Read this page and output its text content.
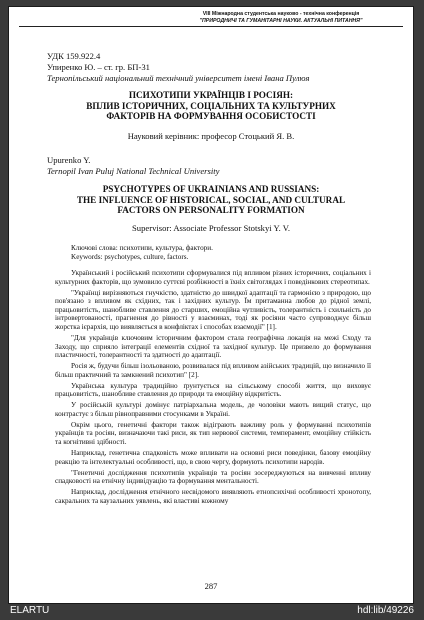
VIII Міжнародна студентська науково - технічна конференція
"ПРИРОДНИЧІ ТА ГУМАНІТАРНІ НАУКИ. АКТУАЛЬНІ ПИТАННЯ"
УДК 159.922.4
Упиренко Ю. – ст. гр. БП-31
Тернопільський національний технічний університет імені Івана Пулюя
ПСИХОТИПИ УКРАЇНЦІВ І РОСІЯН:
ВПЛИВ ІСТОРИЧНИХ, СОЦІАЛЬНИХ ТА КУЛЬТУРНИХ
ФАКТОРІВ НА ФОРМУВАННЯ ОСОБИСТОСТІ
Науковий керівник: професор Стоцький Я. В.
Upurenko Y.
Ternopil Ivan Puluj National Technical University
PSYCHOTYPES OF UKRAINIANS AND RUSSIANS:
THE INFLUENCE OF HISTORICAL, SOCIAL, AND CULTURAL
FACTORS ON PERSONALITY FORMATION
Supervisor: Associate Professor Stotskyi Y. V.
Ключові слова: психотипи, культура, фактори.
Keywords: psychotypes, culture, factors.

Український і російський психотипи сформувалися під впливом різних історичних, соціальних і культурних факторів, що зумовило суттєві розбіжності в їхніх світоглядах і поведінкових стереотипах.

"Українці вирізняються гнучкістю, здатністю до швидкої адаптації та гармонією з природою, що пов'язано з впливом як східних, так і західних культур. Їм притаманна любов до рідної землі, працьовитість, шанобливе ставлення до старших, емоційна чутливість, толерантність і схильність до інтровертованості, прагнення до рівності у взаєминах, тоді як росіяни часто супроводжує більш жорстка ієрархія, що виявляється в конфліктах і способах взаємодії" [1].

"Для українців ключовим історичним фактором стала географічна локація на межі Сходу та Заходу, що сприяло інтеграції елементів східної та західної культур. Це призвело до формування пластичності, толерантності та здатності до адаптації.

Росія ж, будучи більш ізольованою, розвивалася під впливом азійських традицій, що визначило її більш практичний та замкнений психотип" [2].

Українська культура традиційно ґрунтується на сільському способі життя, що виховує працьовитість, шанобливе ставлення до природи та емоційну відкритість.

У російській культурі домінує патріархальна модель, де чоловіки мають вищий статус, що контрастує з більш рівноправними стосунками в Україні.

Окрім цього, генетичні фактори також відіграють важливу роль у формуванні психотипів українців та росіян, визначаючи такі риси, як тип нервової системи, темперамент, емоційну стійкість та когнітивні здібності.

Наприклад, генетична спадковість може впливати на основні риси поведінки, базову емоційну реакцію та інтелектуальні особливості, що, в свою чергу, формують психотипи народів.

"Генетичні дослідження психотипів українців та росіян зосереджуються на вивченні впливу спадковості на етнічну індивідуацію та формування ментальності.

Наприклад, дослідження етнічного несвідомого виявляють етнопсихічні особливості хронотопу, сакральних та каузальних уявлень, які властиві кожному

287
ELARTU	hdl:lib/49226
